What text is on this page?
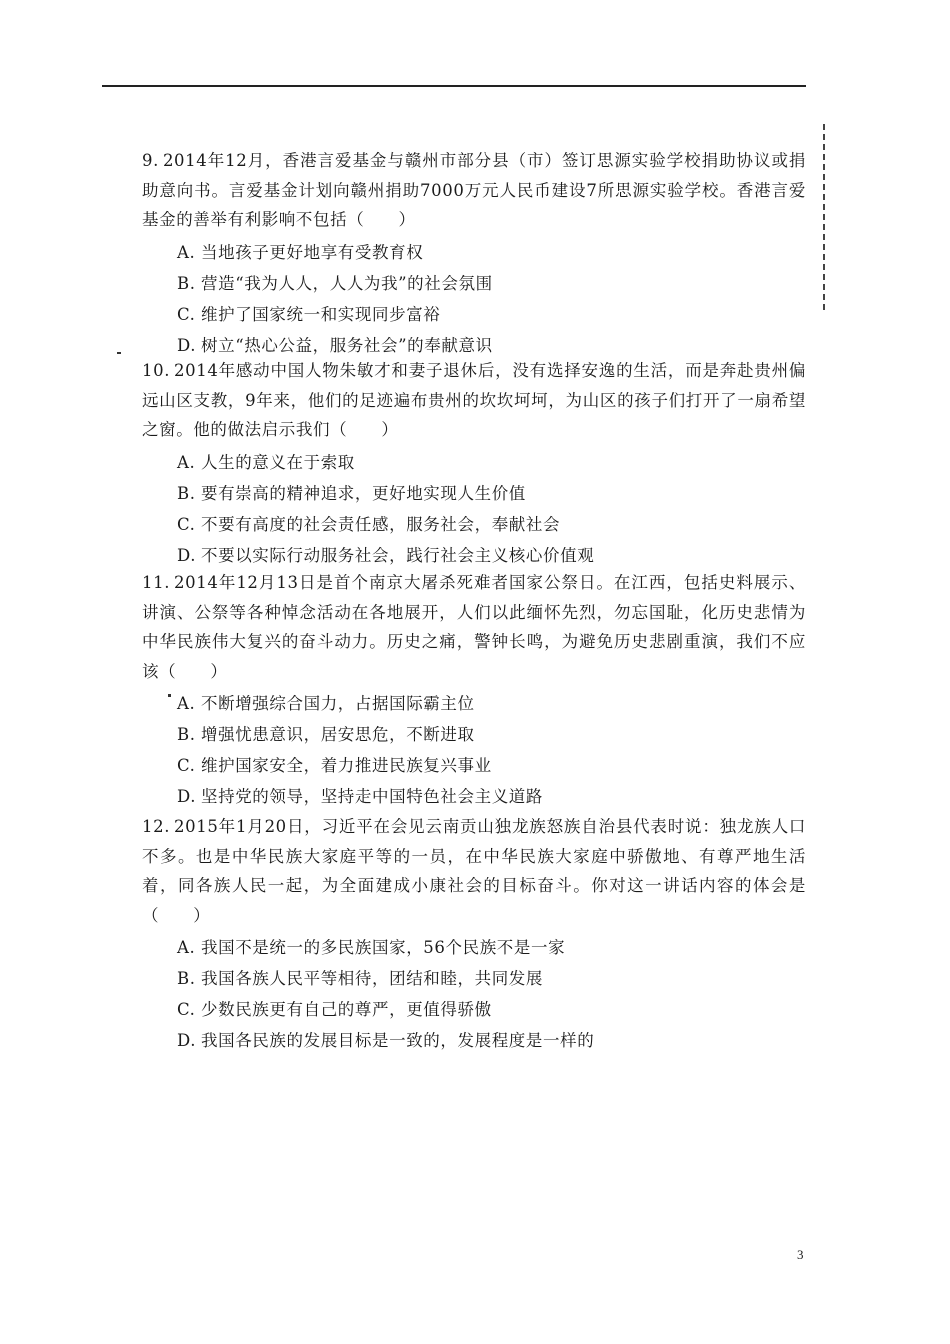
9. 2014年12月，香港言爱基金与赣州市部分县（市）签订思源实验学校捐助协议或捐助意向书。言爱基金计划向赣州捐助7000万元人民币建设7所思源实验学校。香港言爱基金的善举有利影响不包括（　　）
A. 当地孩子更好地享有受教育权
B. 营造“我为人人，人人为我”的社会氛围
C. 维护了国家统一和实现同步富裕
D. 树立“热心公益，服务社会”的奉献意识
10. 2014年感动中国人物朱敏才和妻子退休后，没有选择安逸的生活，而是奔赴贵州偏远山区支教，9年来，他们的足迹遍布贵州的坎坎坷坷，为山区的孩子们打开了一扇希望之窗。他的做法启示我们（　　）
A. 人生的意义在于索取
B. 要有崇高的精神追求，更好地实现人生价值
C. 不要有高度的社会责任感，服务社会，奉献社会
D. 不要以实际行动服务社会，践行社会主义核心价值观
11. 2014年12月13日是首个南京大屠杀死难者国家公祭日。在江西，包括史料展示、讲演、公祭等各种悼念活动在各地展开，人们以此缅怀先烈，勿忘国耻，化历史悲情为中华民族伟大复兴的奋斗动力。历史之痛，警钟长鸣，为避免历史悲剧重演，我们不应该（　　）
A. 不断增强综合国力，占据国际霸主位
B. 增强忧患意识，居安思危，不断进取
C. 维护国家安全，着力推进民族复兴事业
D. 坚持党的领导，坚持走中国特色社会主义道路
12. 2015年1月20日，习近平在会见云南贡山独龙族怒族自治县代表时说：独龙族人口不多。也是中华民族大家庭平等的一员，在中华民族大家庭中骄傲地、有尊严地生活着，同各族人民一起，为全面建成小康社会的目标奋斗。你对这一讲话内容的体会是（　　）
A. 我国不是统一的多民族国家，56个民族不是一家
B. 我国各族人民平等相待，团结和睦，共同发展
C. 少数民族更有自己的尊严，更值得骄傲
D. 我国各民族的发展目标是一致的，发展程度是一样的
3
